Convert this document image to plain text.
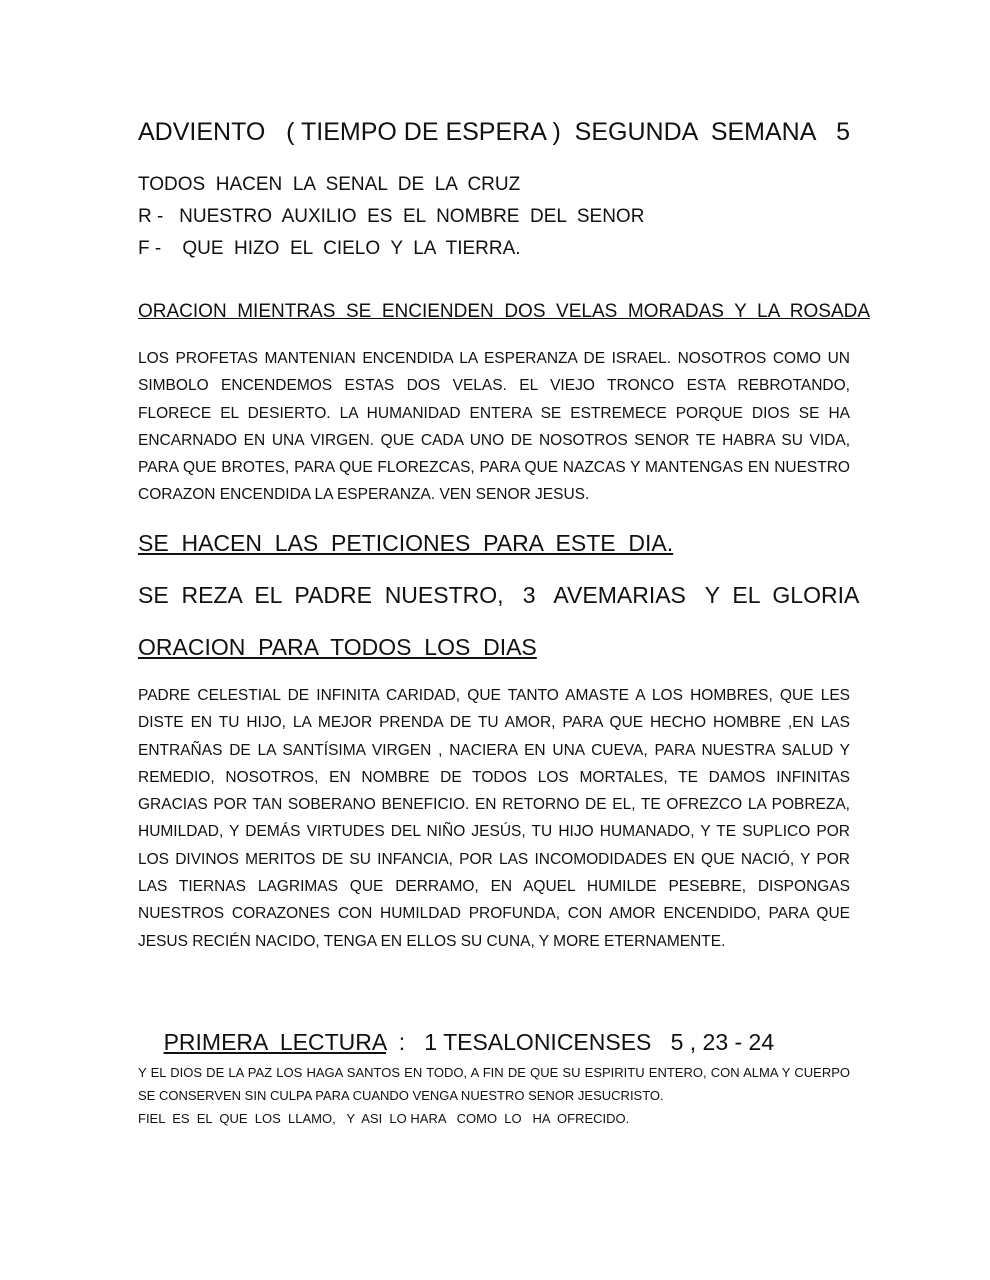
ADVIENTO   ( TIEMPO DE ESPERA )  SEGUNDA  SEMANA 5
TODOS  HACEN  LA  SENAL  DE  LA  CRUZ
R -   NUESTRO  AUXILIO  ES  EL  NOMBRE  DEL  SENOR
F -    QUE  HIZO  EL  CIELO  Y  LA  TIERRA.
ORACION  MIENTRAS  SE  ENCIENDEN  DOS  VELAS  MORADAS  Y  LA  ROSADA
LOS PROFETAS MANTENIAN ENCENDIDA LA ESPERANZA DE ISRAEL. NOSOTROS COMO UN SIMBOLO ENCENDEMOS ESTAS DOS VELAS. EL VIEJO TRONCO ESTA REBROTANDO, FLORECE EL DESIERTO. LA HUMANIDAD ENTERA SE ESTREMECE PORQUE DIOS SE HA ENCARNADO EN UNA VIRGEN. QUE CADA UNO DE NOSOTROS SENOR TE HABRA SU VIDA, PARA QUE BROTES, PARA QUE FLOREZCAS, PARA QUE NAZCAS Y MANTENGAS EN NUESTRO CORAZON ENCENDIDA LA ESPERANZA. VEN SENOR JESUS.
SE  HACEN  LAS  PETICIONES  PARA  ESTE  DIA.
SE  REZA  EL  PADRE  NUESTRO,   3   AVEMARIAS   Y  EL  GLORIA
ORACION  PARA  TODOS  LOS  DIAS
PADRE CELESTIAL DE INFINITA CARIDAD, QUE TANTO AMASTE A LOS HOMBRES, QUE LES DISTE EN TU HIJO, LA MEJOR PRENDA DE TU AMOR, PARA QUE HECHO HOMBRE ,EN LAS ENTRAÑAS DE LA SANTÍSIMA VIRGEN , NACIERA EN UNA CUEVA, PARA NUESTRA SALUD Y REMEDIO, NOSOTROS, EN NOMBRE DE TODOS LOS MORTALES, TE DAMOS INFINITAS GRACIAS POR TAN SOBERANO BENEFICIO. EN RETORNO DE EL, TE OFREZCO LA POBREZA, HUMILDAD, Y DEMÁS VIRTUDES DEL NIÑO JESÚS, TU HIJO HUMANADO, Y TE SUPLICO POR LOS DIVINOS MERITOS DE SU INFANCIA, POR LAS INCOMODIDADES EN QUE NACIÓ, Y POR LAS TIERNAS LAGRIMAS QUE DERRAMO, EN AQUEL HUMILDE PESEBRE, DISPONGAS NUESTROS CORAZONES CON HUMILDAD PROFUNDA, CON AMOR ENCENDIDO, PARA QUE JESUS RECIÉN NACIDO, TENGA EN ELLOS SU CUNA, Y MORE ETERNAMENTE.

PRIMERA  LECTURA  :   1 TESALONICENSES   5 , 23 - 24

Y EL DIOS DE LA PAZ LOS HAGA SANTOS EN TODO, A FIN DE QUE SU ESPIRITU ENTERO, CON ALMA Y CUERPO SE CONSERVEN SIN CULPA PARA CUANDO VENGA NUESTRO SENOR JESUCRISTO.
FIEL  ES  EL  QUE  LOS  LLAMO,   Y  ASI  LO HARA   COMO  LO   HA  OFRECIDO.
